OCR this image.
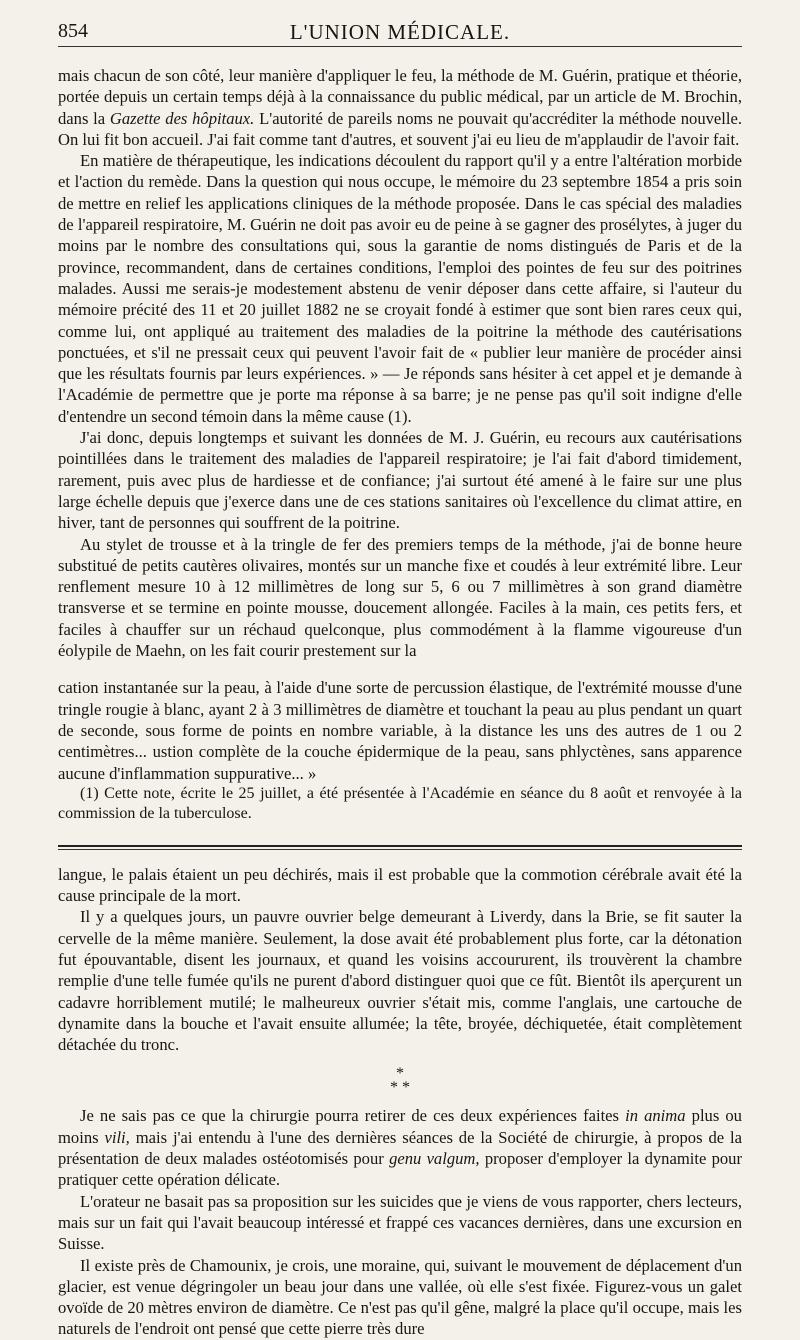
854	L'UNION MÉDICALE.

mais chacun de son côté, leur manière d'appliquer le feu, la méthode de M. Guérin, pratique et théorie, portée depuis un certain temps déjà à la connaissance du public médical, par un article de M. Brochin, dans la Gazette des hôpitaux. L'autorité de pareils noms ne pouvait qu'accréditer la méthode nouvelle. On lui fit bon accueil. J'ai fait comme tant d'autres, et souvent j'ai eu lieu de m'applaudir de l'avoir fait.

En matière de thérapeutique, les indications découlent du rapport qu'il y a entre l'altération morbide et l'action du remède. Dans la question qui nous occupe, le mémoire du 23 septembre 1854 a pris soin de mettre en relief les applications cliniques de la méthode proposée. Dans le cas spécial des maladies de l'appareil respiratoire, M. Guérin ne doit pas avoir eu de peine à se gagner des prosélytes, à juger du moins par le nombre des consultations qui, sous la garantie de noms distingués de Paris et de la province, recommandent, dans de certaines conditions, l'emploi des pointes de feu sur des poitrines malades. Aussi me serais-je modestement abstenu de venir déposer dans cette affaire, si l'auteur du mémoire précité des 11 et 20 juillet 1882 ne se croyait fondé à estimer que sont bien rares ceux qui, comme lui, ont appliqué au traitement des maladies de la poitrine la méthode des cautérisations ponctuées, et s'il ne pressait ceux qui peuvent l'avoir fait de « publier leur manière de procéder ainsi que les résultats fournis par leurs expériences. » — Je réponds sans hésiter à cet appel et je demande à l'Académie de permettre que je porte ma réponse à sa barre; je ne pense pas qu'il soit indigne d'elle d'entendre un second témoin dans la même cause (1).

J'ai donc, depuis longtemps et suivant les données de M. J. Guérin, eu recours aux cautérisations pointillées dans le traitement des maladies de l'appareil respiratoire; je l'ai fait d'abord timidement, rarement, puis avec plus de hardiesse et de confiance; j'ai surtout été amené à le faire sur une plus large échelle depuis que j'exerce dans une de ces stations sanitaires où l'excellence du climat attire, en hiver, tant de personnes qui souffrent de la poitrine.

Au stylet de trousse et à la tringle de fer des premiers temps de la méthode, j'ai de bonne heure substitué de petits cautères olivaires, montés sur un manche fixe et coudés à leur extrémité libre. Leur renflement mesure 10 à 12 millimètres de long sur 5, 6 ou 7 millimètres à son grand diamètre transverse et se termine en pointe mousse, doucement allongée. Faciles à la main, ces petits fers, et faciles à chauffer sur un réchaud quelconque, plus commodément à la flamme vigoureuse d'un éolypile de Maehn, on les fait courir prestement sur la

cation instantanée sur la peau, à l'aide d'une sorte de percussion élastique, de l'extrémité mousse d'une tringle rougie à blanc, ayant 2 à 3 millimètres de diamètre et touchant la peau au plus pendant un quart de seconde, sous forme de points en nombre variable, à la distance les uns des autres de 1 ou 2 centimètres... ustion complète de la couche épidermique de la peau, sans phlyctènes, sans apparence aucune d'inflammation suppurative... »

(1) Cette note, écrite le 25 juillet, a été présentée à l'Académie en séance du 8 août et renvoyée à la commission de la tuberculose.

langue, le palais étaient un peu déchirés, mais il est probable que la commotion cérébrale avait été la cause principale de la mort.

Il y a quelques jours, un pauvre ouvrier belge demeurant à Liverdy, dans la Brie, se fit sauter la cervelle de la même manière. Seulement, la dose avait été probablement plus forte, car la détonation fut épouvantable, disent les journaux, et quand les voisins accoururent, ils trouvèrent la chambre remplie d'une telle fumée qu'ils ne purent d'abord distinguer quoi que ce fût. Bientôt ils aperçurent un cadavre horriblement mutilé; le malheureux ouvrier s'était mis, comme l'anglais, une cartouche de dynamite dans la bouche et l'avait ensuite allumée; la tête, broyée, déchiquetée, était complètement détachée du tronc.

*
* *

Je ne sais pas ce que la chirurgie pourra retirer de ces deux expériences faites in anima plus ou moins vili, mais j'ai entendu à l'une des dernières séances de la Société de chirurgie, à propos de la présentation de deux malades ostéotomisés pour genu valgum, proposer d'employer la dynamite pour pratiquer cette opération délicate.

L'orateur ne basait pas sa proposition sur les suicides que je viens de vous rapporter, chers lecteurs, mais sur un fait qui l'avait beaucoup intéressé et frappé ces vacances dernières, dans une excursion en Suisse.

Il existe près de Chamounix, je crois, une moraine, qui, suivant le mouvement de déplacement d'un glacier, est venue dégringoler un beau jour dans une vallée, où elle s'est fixée. Figurez-vous un galet ovoïde de 20 mètres environ de diamètre. Ce n'est pas qu'il gêne, malgré la place qu'il occupe, mais les naturels de l'endroit ont pensé que cette pierre très dure
